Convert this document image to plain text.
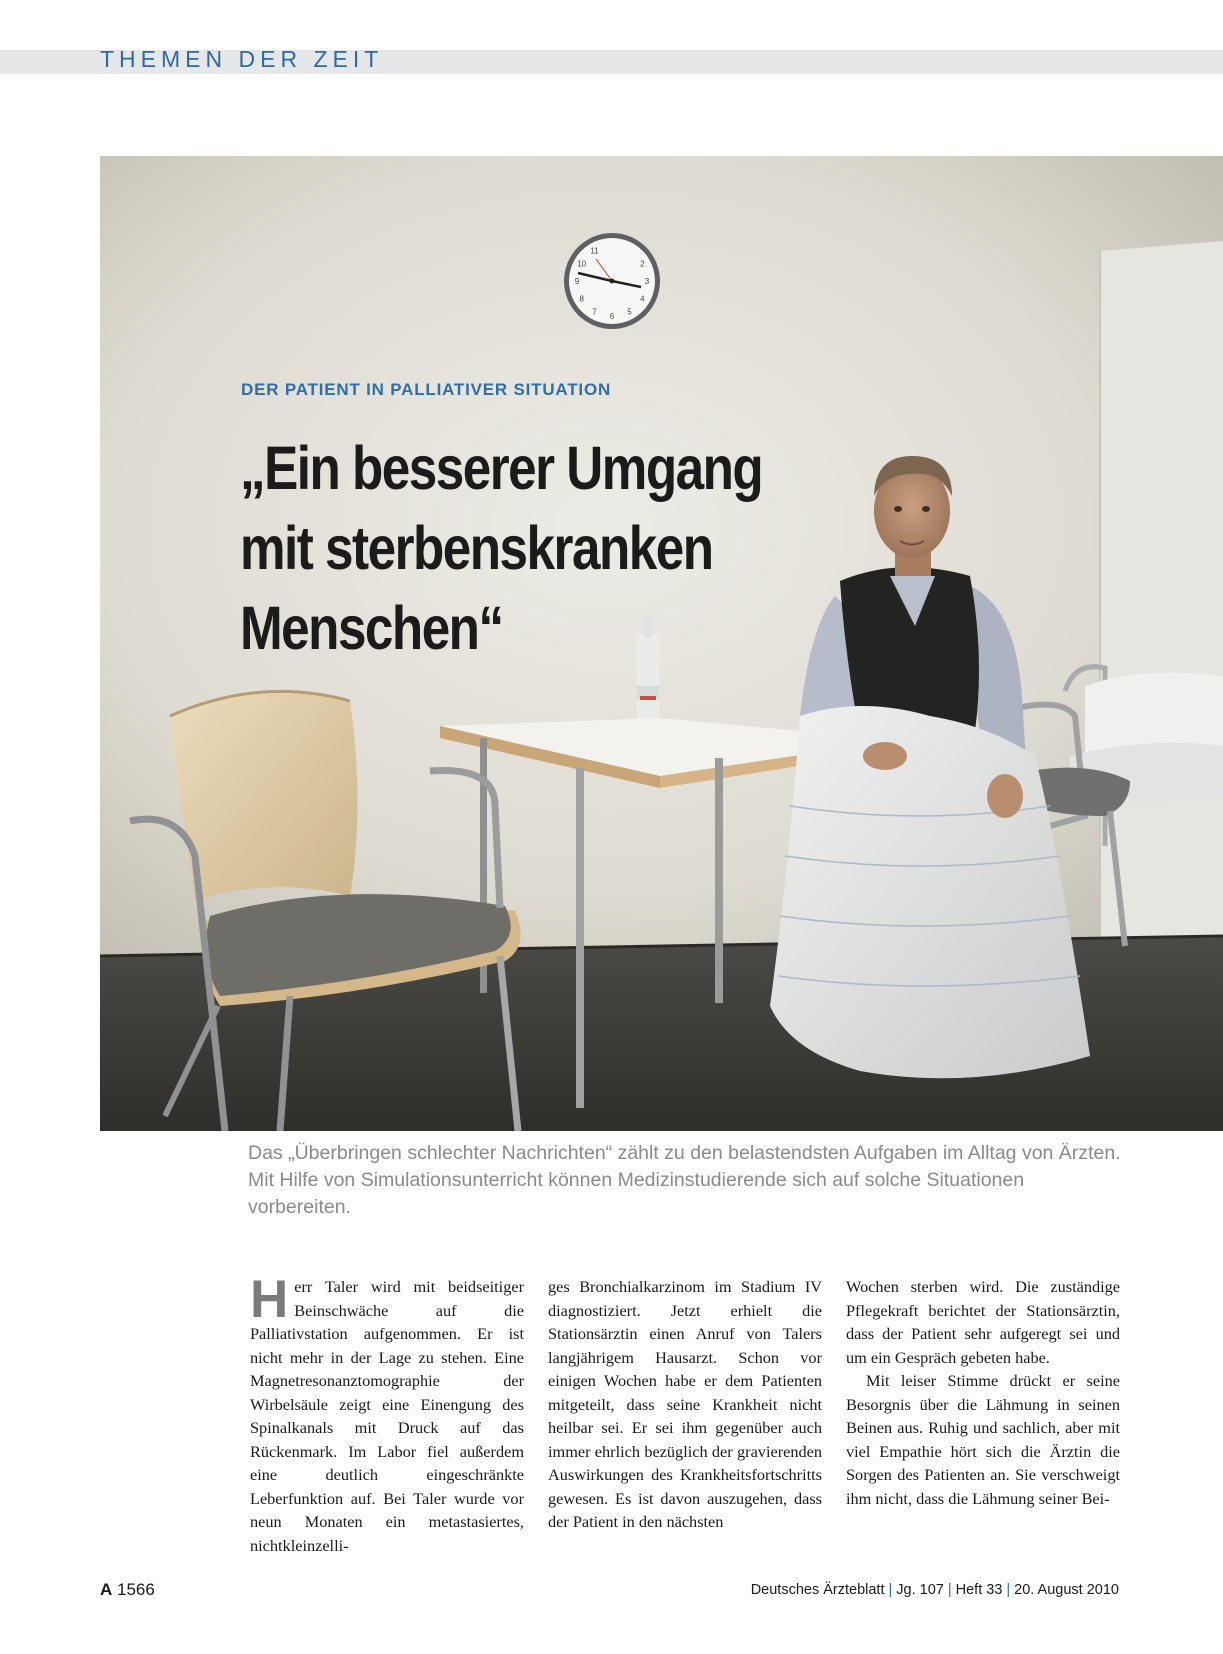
THEMEN DER ZEIT
11
10
9
8
7
6
5
4
3
2
DER PATIENT IN PALLIATIVER SITUATION
„Ein besserer Umgang
mit sterbenskranken
Menschen“
Das „Überbringen schlechter Nachrichten“ zählt zu den belastendsten Aufgaben im Alltag von Ärzten. Mit Hilfe von Simulationsunterricht können Medizinstudierende sich auf solche Situationen vorbereiten.

Herr Taler wird mit beidseitiger Beinschwäche auf die Palliativstation aufgenommen. Er ist nicht mehr in der Lage zu stehen. Eine Magnetresonanztomographie der Wirbelsäule zeigt eine Einengung des Spinalkanals mit Druck auf das Rückenmark. Im Labor fiel außerdem eine deutlich eingeschränkte Leberfunktion auf. Bei Taler wurde vor neun Monaten ein metastasiertes, nichtkleinzelli-

ges Bronchialkarzinom im Stadium IV diagnostiziert. Jetzt erhielt die Stationsärztin einen Anruf von Talers langjährigem Hausarzt. Schon vor einigen Wochen habe er dem Patienten mitgeteilt, dass seine Krankheit nicht heilbar sei. Er sei ihm gegenüber auch immer ehrlich bezüglich der gravierenden Auswirkungen des Krankheitsfortschritts gewesen. Es ist davon auszugehen, dass der Patient in den nächsten

Wochen sterben wird. Die zuständige Pflegekraft berichtet der Stationsärztin, dass der Patient sehr aufgeregt sei und um ein Gespräch gebeten habe.

Mit leiser Stimme drückt er seine Besorgnis über die Lähmung in seinen Beinen aus. Ruhig und sachlich, aber mit viel Empathie hört sich die Ärztin die Sorgen des Patienten an. Sie verschweigt ihm nicht, dass die Lähmung seiner Bei-

A 1566	Deutsches Ärzteblatt | Jg. 107 | Heft 33 | 20. August 2010
